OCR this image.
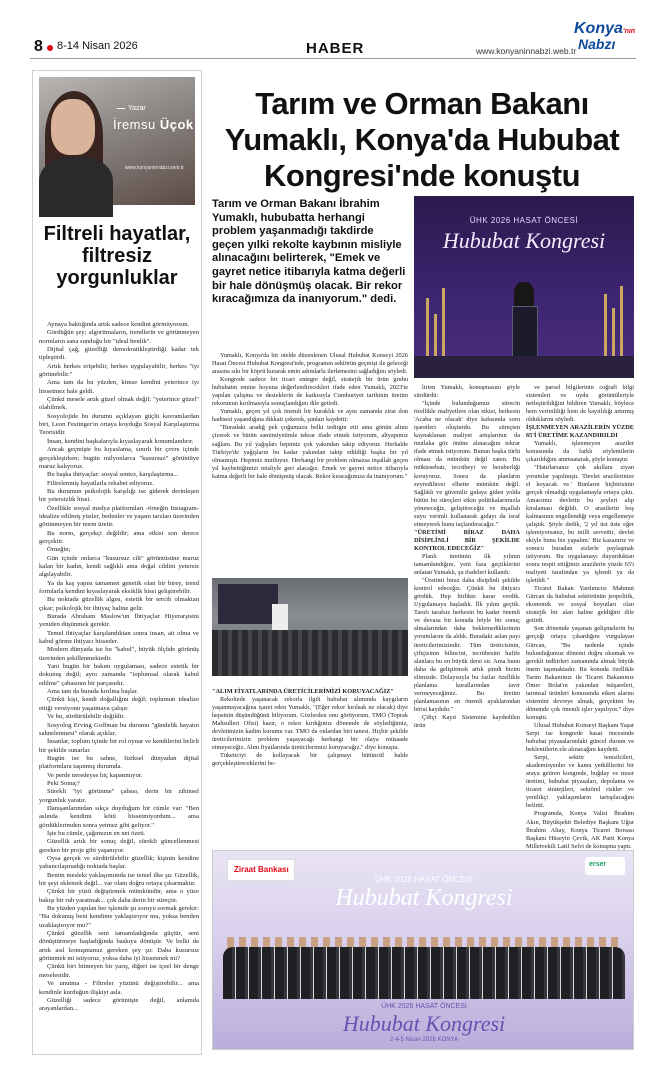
8 8-14 Nisan 2026	HABER	www.konyaninnabzi.web.tr
Konya'nın
Nabzı
Yazar
İremsu Üçok
www.konyaninnabzi.web.tr
Filtreli hayatlar, filtresiz yorgunluklar

Aynaya baktığında artık sadece kendini görmüyorsun.

Gördüğün şey; algoritmaların, trendlerin ve görünmeyen normların sana sunduğu bir "ideal benlik".

Dijital çağ, güzelliği demokratikleştirdiği kadar tek tipleştirdi.

Artık herkes erişebilir, herkes uygulayabilir, herkes "iyi görünebilir."

Ama tam da bu yüzden, kimse kendini yeterince iyi hissetmez hale geldi.

Çünkü mesele artık güzel olmak değil; "yeterince güzel" olabilmek.

Sosyolojide bu durumu açıklayan güçlü kavramlardan biri, Leon Festinger'ın ortaya koyduğu Sosyal Karşılaştırma Teorisidir.

İnsan, kendini başkalarıyla kıyaslayarak konumlandırır.

Ancak geçmişte bu kıyaslama, sınırlı bir çevre içinde gerçekleşirken; bugün milyonlarca "kusursuz" görüntüye maruz kalıyoruz.

Bu başka ihtiyaçlar: sosyal sentez, karşılaştırma...

Filtrelenmiş hayatlarla rekabet ediyoruz.

Bu durumun psikolojik karşılığı ise giderek derinleşen bir yetersizlik hissi.

Özellikle sosyal medya platformları -örneğin Instagram- idealize edilmiş yüzler, bedenler ve yaşam tarzları üzerinden görünmeyen bir norm üretir.

Bu norm, gerçekçi değildir; ama etkisi son derece gerçektir.

Örneğin;

Gün içinde onlarca "kusursuz cilt" görüntüsüne maruz kalan bir kadın, kendi sağlıklı ama doğal cildini yetersiz algılayabilir.

Ya da kaş yapısı tamamen genetik olan bir birey, trend formlarla kendini kıyaslayarak eksiklik hissi geliştirebilir.

Bu noktada güzellik algısı, estetik bir tercih olmaktan çıkar; psikolojik bir ihtiyaç haline gelir.

Burada Abraham Maslow'un İhtiyaçlar Hiyerarşisini yeniden düşünmek gerekir.

Temel ihtiyaçlar karşılandıktan sonra insan, ait olma ve kabul görme ihtiyacı hisseder.

Modern dünyada ise bu "kabul", büyük ölçüde görünüş üzerinden şekillenmektedir.

Yani bugün bir bakım uygulaması, sadece estetik bir dokunuş değil; aynı zamanda "toplumsal olarak kabul edilme" çabasının bir parçasıdır.

Ama tam da burada kırılma başlar.

Çünkü kişi, kendi doğallığını değil; toplumun idealize ettiği versiyonu yaşatmaya çalışır.

Ve bu, sürdürülebilir değildir.

Sosyolog Erving Goffman bu durumu "gündelik hayatın sahnelenmesi" olarak açıklar.

İnsanlar, toplum içinde bir rol oynar ve kendilerini belirli bir şekilde sunarlar.

Bugün ise bu sahne, fiziksel dünyadan dijital platformlara taşınmış durumda.

Ve perde neredeyse hiç kapanmıyor.

Peki Sonuç?

Sürekli "iyi görünme" çabası, derin bir zihinsel yorgunluk yaratır.

Danışanlarımdan sıkça duyduğum bir cümle var: "Ben aslında kendimi kötü hissetmiyordum... ama gördüklerimden sonra yetmez gibi geliyor."

İşte bu cümle, çağımızın en net özeti.

Güzellik artık bir sonuç değil, sürekli güncellenmesi gereken bir proje gibi yaşanıyor.

Oysa gerçek ve sürdürülebilir güzellik; kişinin kendine yabancılaşmadığı noktada başlar.

Benim mesleki yaklaşımımda ise temel ilke şu: Güzellik, bir şeyi eklemek değil... var olanı doğru ortaya çıkarmaktır.

Çünkü bir yüzü değiştirmek mümkündür, ama o yüze bakışı bir ruh yaratmak... çok daha derin bir süreçtir.

Bu yüzden yapılan her işlemde şu soruyu sormak gerekir: "Bu dokunuş beni kendime yaklaştırıyor mu, yoksa benden uzaklaştırıyor mu?"

Çünkü güzellik seni tamamladığında güçtür, seni dönüştürmeye başladığında baskıya dönüşür. Ve belki de artık asıl konuşmamız gereken şey şu: Daha kusursuz görünmek mi istiyoruz, yoksa daha iyi hissetmek mi?

Çünkü biri bitmeyen bir yarış, diğeri ise içsel bir denge meselesidir.

Ve unutma - Filtreler yüzünü değiştirebilir... ama kendinle kurduğun ilişkiyi asla.

Güzelliği sadece görünüşte değil, anlamda arayanlardan...

Tarım ve Orman Bakanı Yumaklı, Konya'da Hububat Kongresi'nde konuştu
Tarım ve Orman Bakanı İbrahim Yumaklı, hububatta herhangi problem yaşanmadığı takdirde geçen yılki rekolte kaybının misliyle alınacağını belirterek, "Emek ve gayret netice itibarıyla katma değerli bir hale dönüşmüş olacak. Bir rekor kıracağımıza da inanıyorum." dedi.
ÜHK 2026 HASAT ÖNCESİ
Hububat Kongresi

Yumaklı, Konya'da bir otelde düzenlenen Ulusal Hububat Konseyi 2026 Hasat Öncesi Hububat Kongresi'nde, programın sektörün geçmişi ile geleceği arasına sıkı bir köprü kurarak emin adımlarla ilerlemesini sağladığını söyledi.

Kongrede sadece bir ticari entegre değil, stratejik bir ürün grubu hububatın emine hoyuna değerlendirecekleri ifade eden Yumaklı, 2023'te yapılan çalışma ve desteklerin de katkısıyla Cumhuriyet tarihinin üretim rekorunun kırılmasıyla sonuçlandığını dile getirdi.

Yumaklı, geçen yıl çok önemli bir kuraklık ve aynı zamanda zirai don hadisesi yaşandığına dikkati çekerek, şunları kaydetti:

"Buradaki aradığ pek çoğumuzu belki tedirgin etti ama gönün altını çizerek ve bütün samimiyetimle tekrar ifade etmek istiyorum, altyapımız sağlam. Bu yıl yağışları hepimiz çok yakından takip ediyoruz. Herhalde Türkiye'de yağışların bu kadar yakından takip edildiği başka bir yıl olmamıştı. Hepimiz mutluyuz. Herhangi bir problem olmazsa inşallah geçen yıl kaybettiğimizi misliyle geri alacağız. Emek ve gayret netice itibarıyla katma değerli bir hale dönüşmüş olacak. Rekor kıracağımıza da inanıyorum."

"ALIM FİYATLARINDA ÜRETİCİLERİMİZİ KORUYACAĞIZ"

Rekoltede yaşanacak rekorla ilgili hububat alımında kaygıların yaşanmayacağına işaret eden Yumaklı, "(Eğer rekor kırılsak ne olacak) diye hepsinin düşündüğünü biliyorum. Gözlerden onu görüyorum. TMO (Toprak Mahsulleri Ofisi) hazır, o rekor kırdığımız dönemde de söylediğimiz, devletimizin kadim kurumu var. TMO da onlardan biri tanesi. Hiçbir şekilde üreticilerimizin problem yaşayacağı herhangi bir olaya müsaade etmeyeceğiz. Alım fiyatlarında üreticilerimizi koruyacağız." diye konuştu.

Tüketiciyi de kollayacak bir çalışmayı bütüncül halde gerçekleştireceklerini be-

lirten Yumaklı, konuşmasını şöyle sürdürdü:

"İçinde bulunduğumuz sürecin özellikle maliyetlere olan etkisi, herkesin 'Acaba ne olacak' diye kafasında soru işaretleri oluşturdu. Bu süreçten kaynaklanan maliyet artışlarının da mutlaka göz önüne alınacağını tekrar ifade etmek istiyorum. Bunun başka türlü olması da mümkün değil zaten. Bu müktesebatı, tecrübeyi ve beraberliği koruyoruz. Sonra da planların zeyrediliresi elbette mümkün değil. Sağlıklı ve güvenilir gıdaya giden yolda bütün bu süreçleri etkin politikalarımızla yöneteceğiz, geliştireceğiz ve inşallah suyu verimli kullanarak gıdayı da israf etmeyerek bunu taçlandıracağız."

"ÜRETİMİ BİRAZ DAHA DİSİPLİNLİ BİR ŞEKİLDE KONTROL EDECEĞİZ"

Planlı üretimin ilk yılının tamamlandığını, yeni faza geçtiklerini anlatan Yumaklı, şu ifadeleri kullandı:

"Üretimi biraz daha disiplinli şekilde kontrol edeceğiz. Çünkü bu ihtiyacı gördük. Hep birlikte karar verdik. Uygulamaya başladık. İlk yılını geçtik. Tarafı tarafsız herkesin bu kadar önemli ve devasa bir konuda böyle bir sonuç almalarından daha beklemediklerimin yorumlarını da aldık. Buradaki aslan payı üreticilerimizindir. Tüm üreticisinin, çiftçisinin bilincini, tecrübesini hafife alanlara bu en büyük dersi sir. Ama bunu daha da geliştirmek artık şimdi bizim elimizde. Dolayısıyla bu fazlar özellikle planlama kurallarından tavır vermeyeceğimiz. Bu üretim planlamasının en önemli ayaklarından birisi kaydıdır."

Çiftçi Kayıt Sistemine kaydedilen ürün

ve parsel bilgilerinin coğrafi bilgi sistemleri ve uydu görüntüleriyle netleştirildiğini bildiren Yumaklı, böylece hem verimliliği hem de kayıtlılığı artırmış olduklarını söyledi.

İŞLENMEYEN ARAZİLERİN YÜZDE 65'İ ÜRETİME KAZANDIRILDI

Yumaklı, işlenmeyen araziler konusunda da farklı söylentilerin çıkarıldığını anımsatarak, şöyle konuştu:

"Hatırlarsanız çok akıllara ziyan yorumlar yapılmıştı. 'Devlet arazilerinize el koyacak ve.' Bunların hiçbirisinin gerçek olmadığı uygulamayla ortaya çıktı. Amacımız devletin bu şeyleri alıp kiralaması değildi. O arazilerin boş kalmasının engellendiği veya engellemeye çalıştık. Şöyle dedik, '2 yıl üst üste eğer işlemiyorsanız, bu milli servettir, devlet ekiyle bunu biz yapalım.' Biz kazanırız ve sonucu buradan sizlerle paylaşmak istiyorum. Bu uygulamayı duyurduktan sonra tespit ettiğimiz arazilerin yüzde 65'i maliyeti tarafından ya işlendi ya da işletildi."

Ticaret Bakan Yardımcısı Mahmut Gürcan da hububat sektörünün jeopolitik, ekonomik ve sosyal boyutları olan stratejik bir alan haline geldiğini dile getirdi.

Son dönemde yaşanan gelişmelerin bu gerçeği ortaya çıkardığını vurgulayan Gürcan, "Bu nedenle içinde bulunduğumuz dönemi doğru okumak ve gerekli tedbirleri zamanında almak büyük önem taşımaktadır. Bu konuda özellikle Tarım Bakanımız ile Ticaret Bakanımız Ömer Bolat'ın yakından istişareleri, tarımsal ürünleri konusunda etken alarını sistemini devreye almak, gerçekten bu dönemde çok önemli işler yapılıyor." diye konuştu.

Ulusal Hububat Konseyi Başkanı Yaşar Serpi ise kongrede hasat öncesinde hububat piyasalarındaki güncel durum ve beklentilerin ele alınacağını kaydetti.

Serpi, sektör temsilcileri, akademisyenler ve kamu yetkililerini bir araya getiren kongrede, buğday ve mısır üretimi, hububat piyasaları, depolama ve ticaret stratejileri, sektörel riskler ve yenilikçi yaklaşımların tartışılacağını belirtti.

Programda, Konya Valisi İbrahim Akın, Büyükşehir Belediye Başkanı Uğur İbrahim Altay, Konya Ticaret Borsası Başkanı Hüseyin Çevik, AK Parti Konya Milletvekili Latif Selvi de konuşma yaptı.

Ziraat Bankası
erser
ÜHK 2026 HASAT ÖNCESİ
Hububat Kongresi
ÜHK 2026 HASAT ÖNCESİ
Hububat Kongresi
2-4-5 Nisan 2026 KONYA
